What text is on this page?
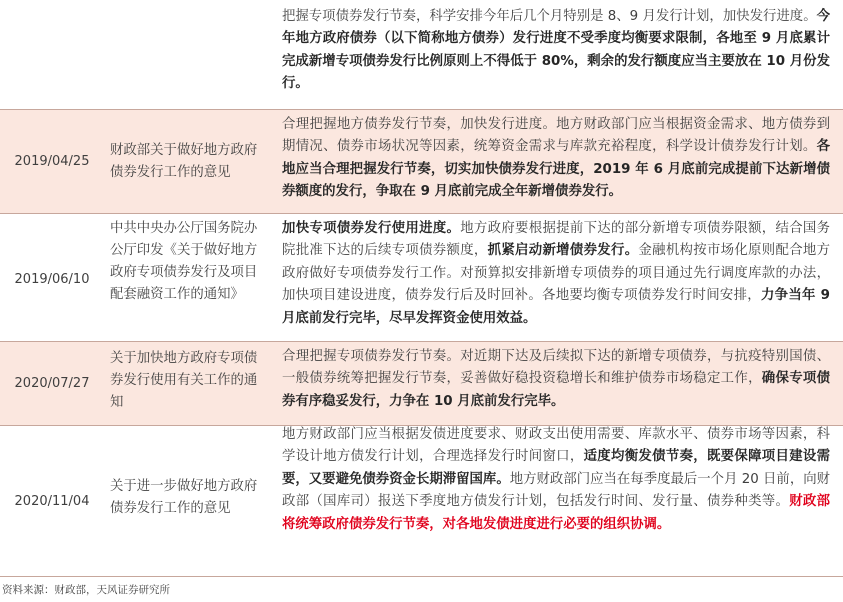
把握专项债券发行节奏，科学安排今年后几个月特别是 8、9 月发行计划，加快发行进度。今年地方政府债券（以下简称地方债券）发行进度不受季度均衡要求限制，各地至 9 月底累计完成新增专项债券发行比例原则上不得低于 80%，剩余的发行额度应当主要放在 10 月份发行。
2019/04/25
财政部关于做好地方政府债券发行工作的意见
合理把握地方债券发行节奏，加快发行进度。地方财政部门应当根据资金需求、地方债券到期情况、债券市场状况等因素，统筹资金需求与库款充裕程度，科学设计债券发行计划。各地应当合理把握发行节奏，切实加快债券发行进度，2019 年 6 月底前完成提前下达新增债券额度的发行，争取在 9 月底前完成全年新增债券发行。
2019/06/10
中共中央办公厅国务院办公厅印发《关于做好地方政府专项债券发行及项目配套融资工作的通知》
加快专项债券发行使用进度。地方政府要根据提前下达的部分新增专项债券限额，结合国务院批准下达的后续专项债券额度，抓紧启动新增债券发行。金融机构按市场化原则配合地方政府做好专项债券发行工作。对预算拟安排新增专项债券的项目通过先行调度库款的办法，加快项目建设进度，债券发行后及时回补。各地要均衡专项债券发行时间安排，力争当年 9 月底前发行完毕，尽早发挥资金使用效益。
2020/07/27
关于加快地方政府专项债券发行使用有关工作的通知
合理把握专项债券发行节奏。对近期下达及后续拟下达的新增专项债券，与抗疫特别国债、一般债券统筹把握发行节奏，妥善做好稳投资稳增长和维护债券市场稳定工作，确保专项债券有序稳妥发行，力争在 10 月底前发行完毕。
2020/11/04
关于进一步做好地方政府债券发行工作的意见
地方财政部门应当根据发债进度要求、财政支出使用需要、库款水平、债券市场等因素，科学设计地方债发行计划，合理选择发行时间窗口，适度均衡发债节奏，既要保障项目建设需要，又要避免债券资金长期滞留国库。地方财政部门应当在每季度最后一个月 20 日前，向财政部（国库司）报送下季度地方债发行计划，包括发行时间、发行量、债券种类等。财政部将统筹政府债券发行节奏，对各地发债进度进行必要的组织协调。
资料来源：财政部，天风证券研究所
